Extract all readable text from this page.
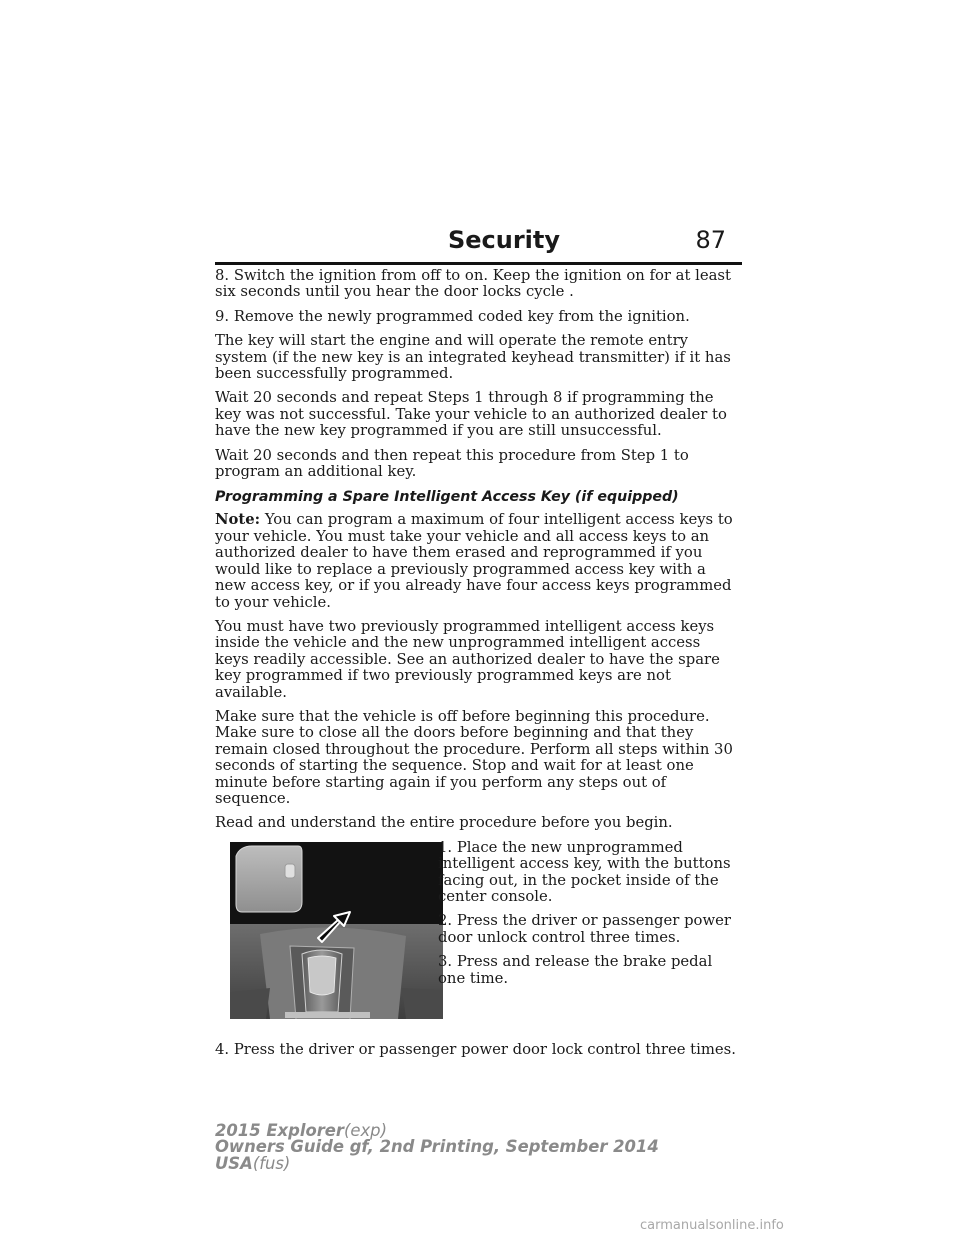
Security	87

8. Switch the ignition from off to on. Keep the ignition on for at least six seconds until you hear the door locks cycle .

9. Remove the newly programmed coded key from the ignition.

The key will start the engine and will operate the remote entry system (if the new key is an integrated keyhead transmitter) if it has been successfully programmed.

Wait 20 seconds and repeat Steps 1 through 8 if programming the key was not successful. Take your vehicle to an authorized dealer to have the new key programmed if you are still unsuccessful.

Wait 20 seconds and then repeat this procedure from Step 1 to program an additional key.

Programming a Spare Intelligent Access Key (if equipped)

Note: You can program a maximum of four intelligent access keys to your vehicle. You must take your vehicle and all access keys to an authorized dealer to have them erased and reprogrammed if you would like to replace a previously programmed access key with a new access key, or if you already have four access keys programmed to your vehicle.

You must have two previously programmed intelligent access keys inside the vehicle and the new unprogrammed intelligent access keys readily accessible. See an authorized dealer to have the spare key programmed if two previously programmed keys are not available.

Make sure that the vehicle is off before beginning this procedure. Make sure to close all the doors before beginning and that they remain closed throughout the procedure. Perform all steps within 30 seconds of starting the sequence. Stop and wait for at least one minute before starting again if you perform any steps out of sequence.

Read and understand the entire procedure before you begin.

1. Place the new unprogrammed intelligent access key, with the buttons facing out, in the pocket inside of the center console.

2. Press the driver or passenger power door unlock control three times.

3. Press and release the brake pedal one time.

4. Press the driver or passenger power door lock control three times.

2015 Explorer(exp)
Owners Guide gf, 2nd Printing, September 2014
USA(fus)
carmanualsonline.info
